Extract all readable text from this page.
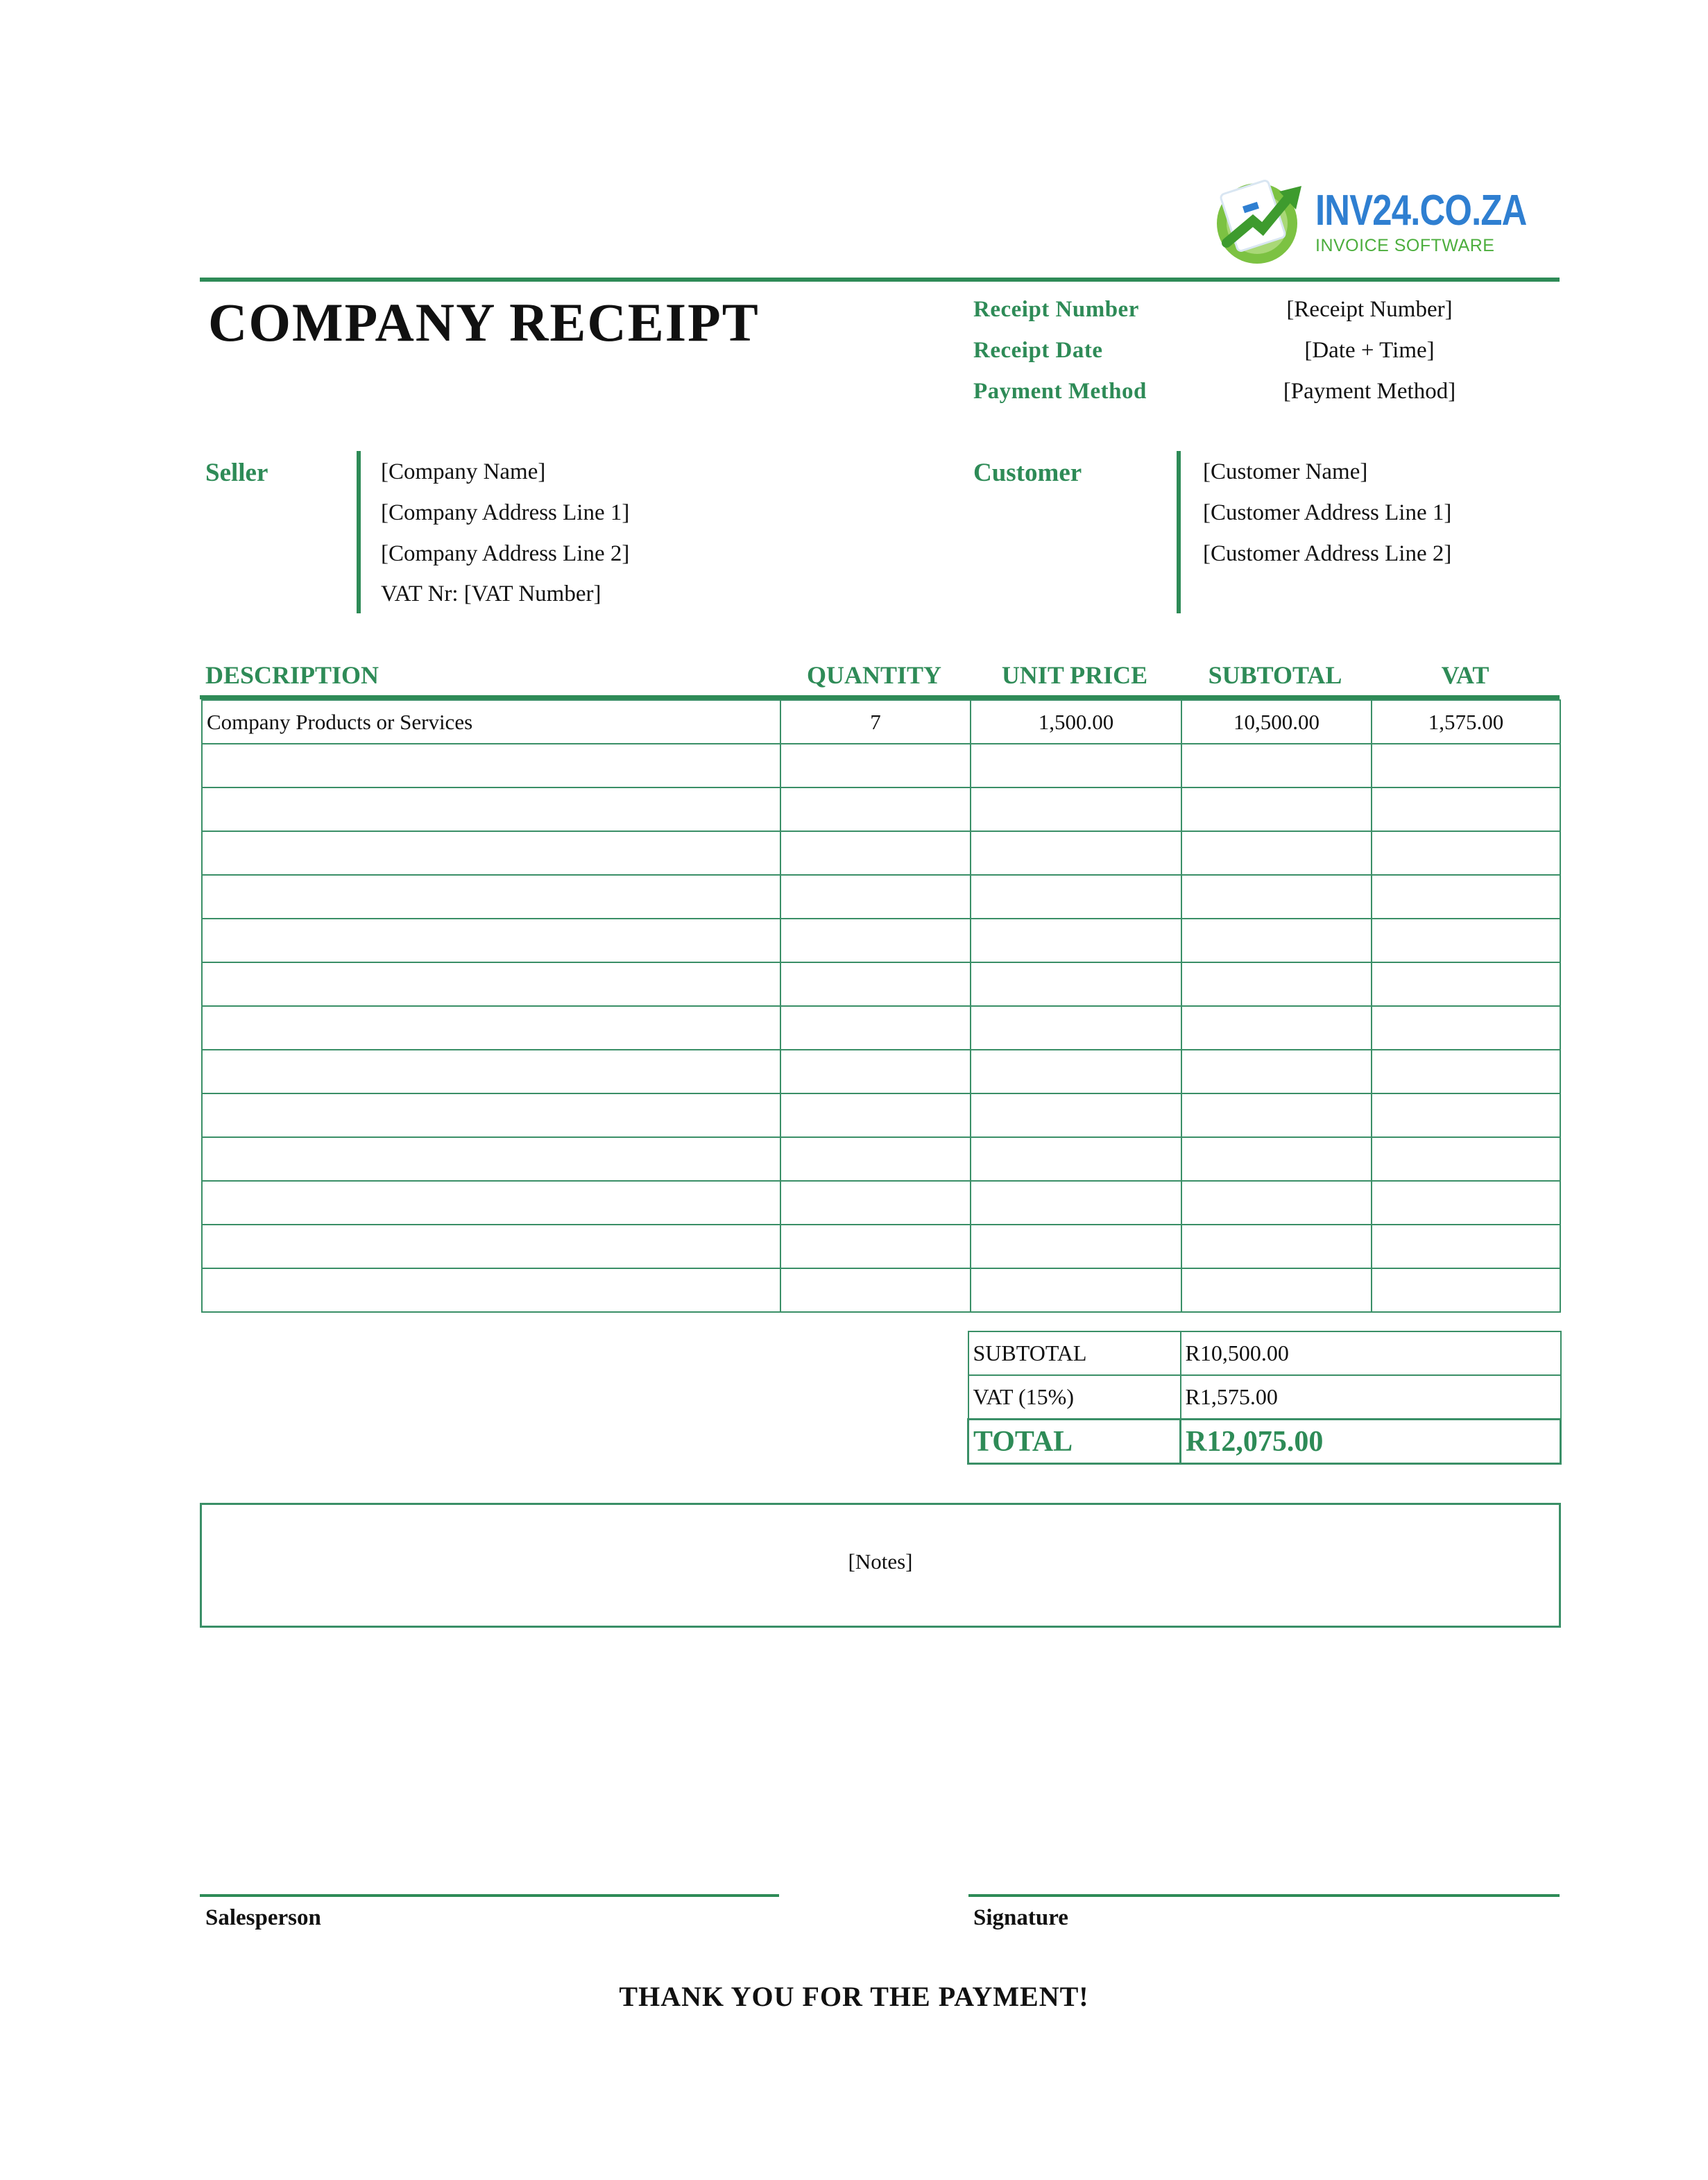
INV24.CO.ZA
INVOICE SOFTWARE
COMPANY RECEIPT	Receipt Number	[Receipt Number]
Receipt Date	[Date + Time]
Payment Method	[Payment Method]
Seller	[Company Name]
[Company Address Line 1]
[Company Address Line 2]
VAT Nr: [VAT Number]
Customer	[Customer Name]
[Customer Address Line 1]
[Customer Address Line 2]
DESCRIPTION	QUANTITY	UNIT PRICE	SUBTOTAL	VAT
Company Products or Services	7	1,500.00	10,500.00	1,575.00

SUBTOTAL	R10,500.00
VAT (15%)	R1,575.00
TOTAL	R12,075.00
[Notes]
Salesperson	Signature
THANK YOU FOR THE PAYMENT!
